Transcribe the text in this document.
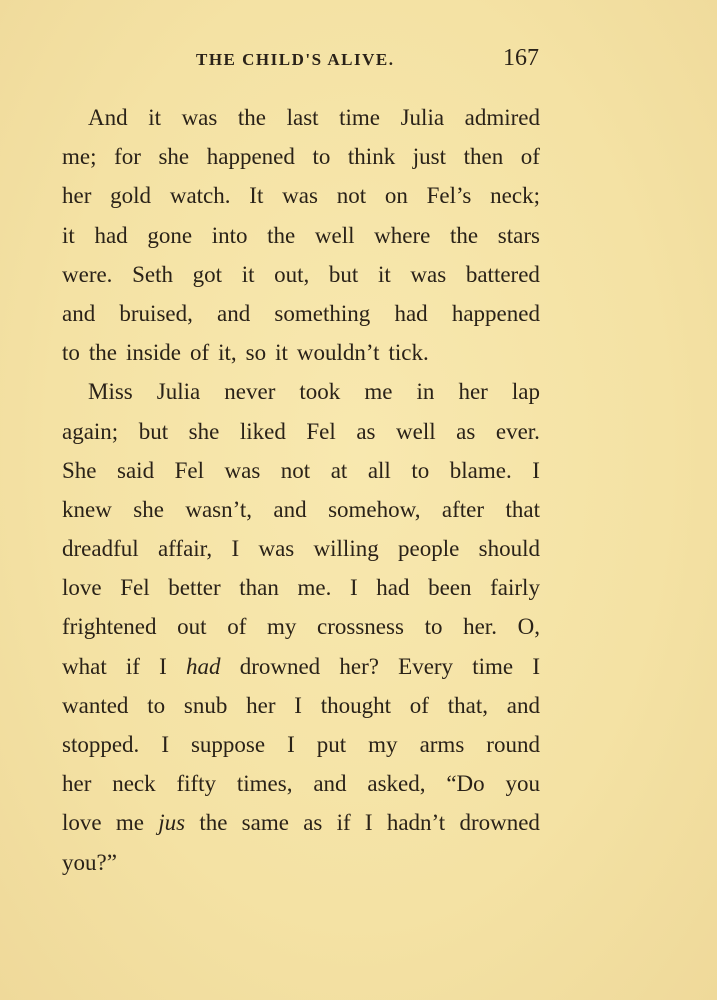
THE CHILD'S ALIVE.	167
And it was the last time Julia admired
me; for she happened to think just then of
her gold watch. It was not on Fel’s neck;
it had gone into the well where the stars
were. Seth got it out, but it was battered
and bruised, and something had happened
to the inside of it, so it wouldn’t tick.
Miss Julia never took me in her lap
again; but she liked Fel as well as ever.
She said Fel was not at all to blame. I
knew she wasn’t, and somehow, after that
dreadful affair, I was willing people should
love Fel better than me. I had been fairly
frightened out of my crossness to her. O,
what if I had drowned her? Every time I
wanted to snub her I thought of that, and
stopped. I suppose I put my arms round
her neck fifty times, and asked, “Do you
love me jus the same as if I hadn’t drowned
you?”
